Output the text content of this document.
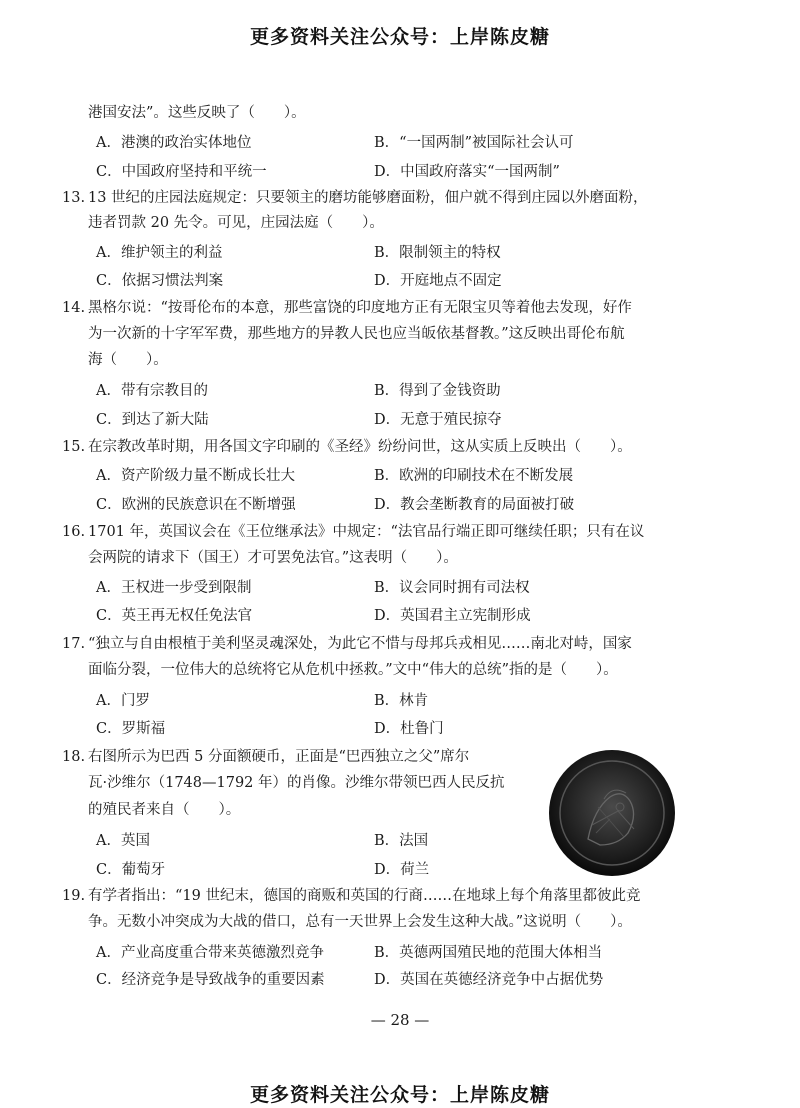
更多资料关注公众号：上岸陈皮糖
港国安法”。这些反映了（　　）。
A．港澳的政治实体地位	B．“一国两制”被国际社会认可
C．中国政府坚持和平统一	D．中国政府落实“一国两制”
13. 13 世纪的庄园法庭规定：只要领主的磨坊能够磨面粉，佃户就不得到庄园以外磨面粉，
违者罚款 20 先令。可见，庄园法庭（　　）。
A．维护领主的利益	B．限制领主的特权
C．依据习惯法判案	D．开庭地点不固定
14. 黑格尔说：“按哥伦布的本意，那些富饶的印度地方正有无限宝贝等着他去发现，好作
为一次新的十字军军费，那些地方的异教人民也应当皈依基督教。”这反映出哥伦布航
海（　　）。
A．带有宗教目的	B．得到了金钱资助
C．到达了新大陆	D．无意于殖民掠夺
15. 在宗教改革时期，用各国文字印刷的《圣经》纷纷问世，这从实质上反映出（　　）。
A．资产阶级力量不断成长壮大	B．欧洲的印刷技术在不断发展
C．欧洲的民族意识在不断增强	D．教会垄断教育的局面被打破
16. 1701 年，英国议会在《王位继承法》中规定：“法官品行端正即可继续任职；只有在议
会两院的请求下（国王）才可罢免法官。”这表明（　　）。
A．王权进一步受到限制	B．议会同时拥有司法权
C．英王再无权任免法官	D．英国君主立宪制形成
17. “独立与自由根植于美利坚灵魂深处，为此它不惜与母邦兵戎相见……南北对峙，国家
面临分裂，一位伟大的总统将它从危机中拯救。”文中“伟大的总统”指的是（　　）。
A．门罗	B．林肯
C．罗斯福	D．杜鲁门
18. 右图所示为巴西 5 分面额硬币，正面是“巴西独立之父”席尔
瓦·沙维尔（1748—1792 年）的肖像。沙维尔带领巴西人民反抗
的殖民者来自（　　）。
A．英国	B．法国
C．葡萄牙	D．荷兰
19. 有学者指出：“19 世纪末，德国的商贩和英国的行商……在地球上每个角落里都彼此竞
争。无数小冲突成为大战的借口，总有一天世界上会发生这种大战。”这说明（　　）。
A．产业高度重合带来英德激烈竞争	B．英德两国殖民地的范围大体相当
C．经济竞争是导致战争的重要因素	D．英国在英德经济竞争中占据优势
— 28 —
更多资料关注公众号：上岸陈皮糖
